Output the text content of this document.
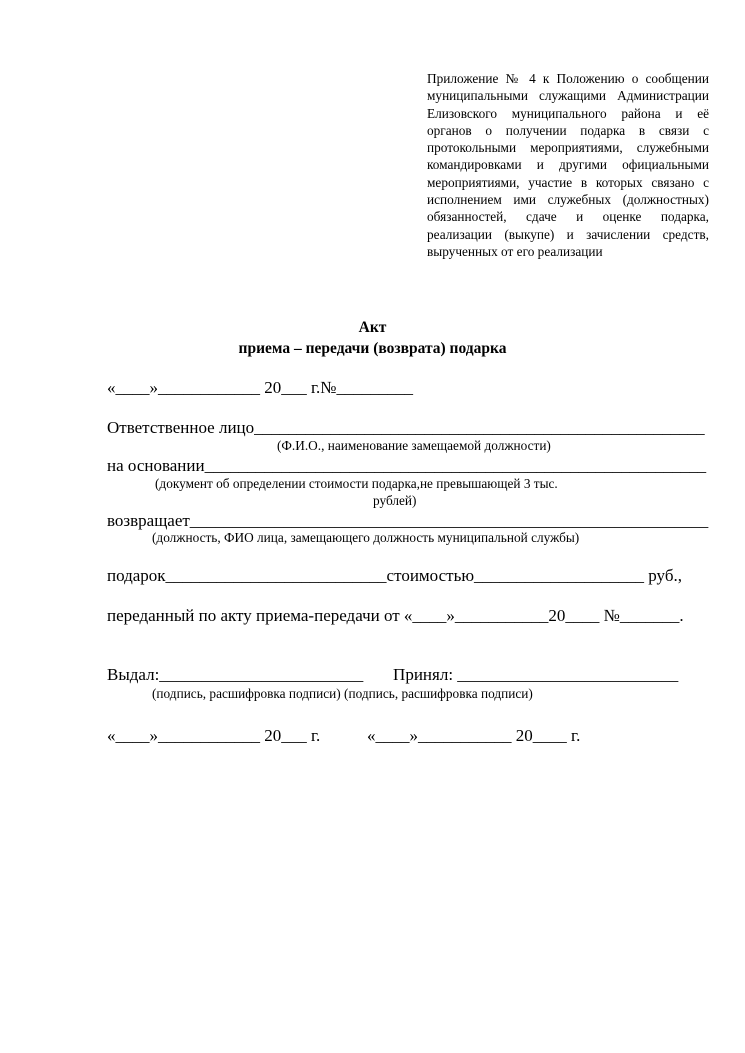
Приложение № 4 к Положению о сообщении муниципальными служащими Администрации Елизовского муниципального района и её органов о получении подарка в связи с протокольными мероприятиями, служебными командировками и другими официальными мероприятиями, участие в которых связано с исполнением ими служебных (должностных) обязанностей, сдаче и оценке подарка, реализации (выкупе) и зачислении средств, вырученных от его реализации
Акт
приема – передачи (возврата) подарка
«____»____________ 20___ г.№_________
Ответственное лицо_____________________________________________________
(Ф.И.О., наименование замещаемой должности)
на основании___________________________________________________________
(документ об определении стоимости подарка,не превышающей 3 тыс.
рублей)
возвращает_____________________________________________________________
(должность, ФИО лица, замещающего должность муниципальной службы)
подарок__________________________стоимостью____________________ руб.,
переданный по акту приема-передачи от «____»___________20____ №_______.
Выдал:________________________       Принял: __________________________
(подпись, расшифровка подписи) (подпись, расшифровка подписи)
«____»____________ 20___ г.           «____»___________ 20____ г.
